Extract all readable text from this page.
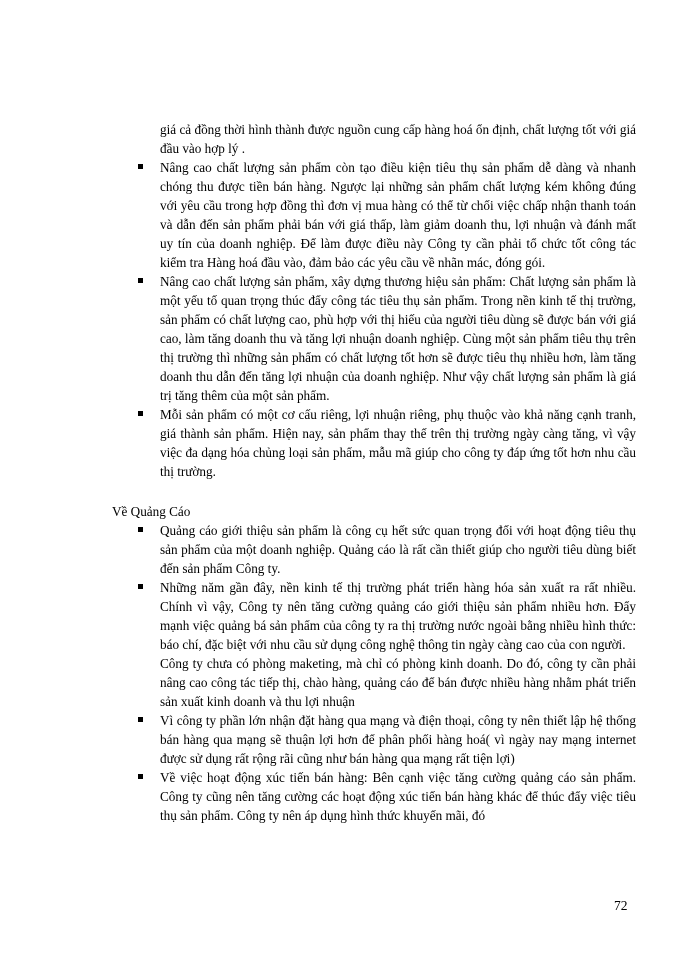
giá cả đồng thời hình thành được nguồn cung cấp hàng hoá ổn định, chất lượng tốt với giá đầu vào hợp lý .
Nâng cao chất lượng sản phẩm còn tạo điều kiện tiêu thụ sản phẩm dễ dàng và nhanh chóng thu được tiền bán hàng. Ngược lại những sản phẩm chất lượng kém không đúng với yêu cầu trong hợp đồng thì đơn vị mua hàng có thể từ chối việc chấp nhận thanh toán và dẫn đến sản phẩm phải bán với giá thấp, làm giảm doanh thu, lợi nhuận và đánh mất uy tín của doanh nghiệp. Để làm được điều này Công ty cần phải tổ chức tốt công tác kiểm tra Hàng hoá đầu vào, đảm bảo các yêu cầu về nhãn mác, đóng gói.
Nâng cao chất lượng sản phẩm, xây dựng thương hiệu sản phẩm: Chất lượng sản phẩm là một yếu tố quan trọng thúc đẩy công tác tiêu thụ sản phẩm. Trong nền kinh tế thị trường, sản phẩm có chất lượng cao, phù hợp với thị hiếu của người tiêu dùng sẽ được bán với giá cao, làm tăng doanh thu và tăng lợi nhuận doanh nghiệp. Cùng một sản phẩm tiêu thụ trên thị trường thì những sản phẩm có chất lượng tốt hơn sẽ được tiêu thụ nhiều hơn, làm tăng doanh thu dẫn đến tăng lợi nhuận của doanh nghiệp. Như vậy chất lượng sản phẩm là giá trị tăng thêm của một sản phẩm.
Mỗi sản phẩm có một cơ cấu riêng, lợi nhuận riêng, phụ thuộc vào khả năng cạnh tranh, giá thành sản phẩm. Hiện nay, sản phẩm thay thế trên thị trường ngày càng tăng, vì vậy việc đa dạng hóa chủng loại sản phẩm, mẫu mã giúp cho công ty đáp ứng tốt hơn nhu cầu thị trường.
Về Quảng Cáo
Quảng cáo giới thiệu sản phẩm là công cụ hết sức quan trọng đối với hoạt động tiêu thụ sản phẩm của một doanh nghiệp. Quảng cáo là rất cần thiết giúp cho người tiêu dùng biết đến sản phẩm Công ty.
Những năm gần đây, nền kinh tế thị trường phát triển hàng hóa sản xuất ra rất nhiều. Chính vì vậy, Công ty nên tăng cường quảng cáo giới thiệu sản phẩm nhiều hơn. Đẩy mạnh việc quảng bá sản phẩm của công ty ra thị trường nước ngoài bằng nhiều hình thức: báo chí, đặc biệt với nhu cầu sử dụng công nghệ thông tin ngày càng cao của con người.
Công ty chưa có phòng maketing, mà chỉ có phòng kinh doanh. Do đó, công ty cần phải nâng cao công tác tiếp thị, chào hàng, quảng cáo để bán được nhiều hàng nhằm phát triển sản xuất kinh doanh và thu lợi nhuận
Vì công ty phần lớn nhận đặt hàng qua mạng và điện thoại, công ty nên thiết lập hệ thống bán hàng qua mạng sẽ thuận lợi hơn để phân phối hàng hoá( vì ngày nay mạng internet được sử dụng rất rộng rãi cũng như bán hàng qua mạng rất tiện lợi)
Về việc hoạt động xúc tiến bán hàng: Bên cạnh việc tăng cường quảng cáo sản phẩm. Công ty cũng nên tăng cường các hoạt động xúc tiến bán hàng khác để thúc đẩy việc tiêu thụ sản phẩm. Công ty nên áp dụng hình thức khuyến mãi, đó
72
